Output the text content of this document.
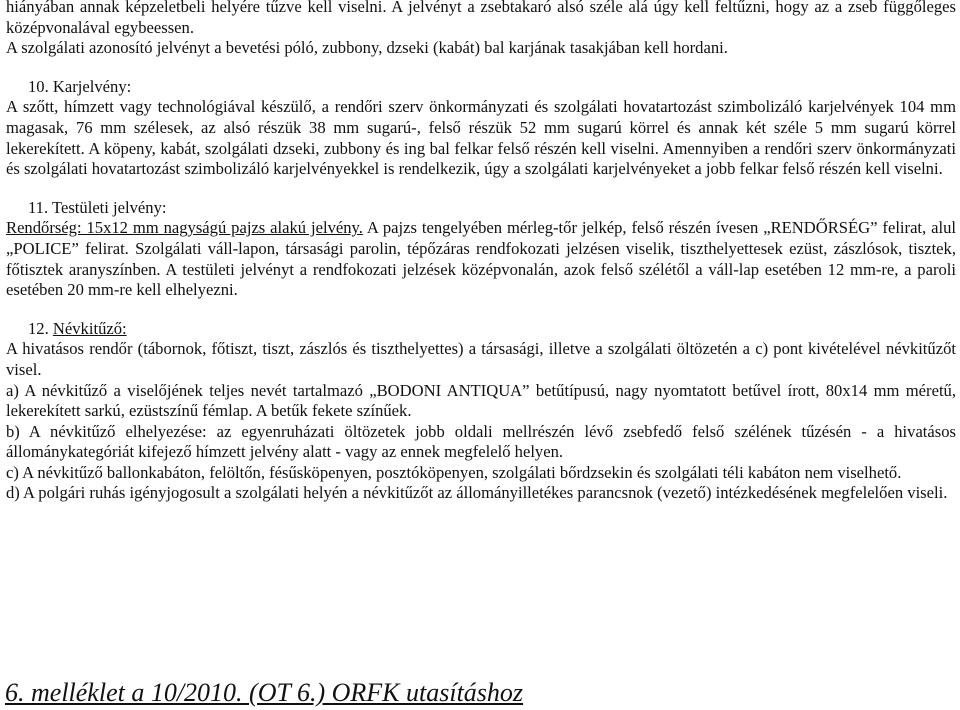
hiányában annak képzeletbeli helyére tűzve kell viselni. A jelvényt a zsebtakaró alsó széle alá úgy kell feltűzni, hogy az a zseb függőleges középvonalával egybeessen.

A szolgálati azonosító jelvényt a bevetési póló, zubbony, dzseki (kabát) bal karjának tasakjában kell hordani.

10. Karjelvény:

A szőtt, hímzett vagy technológiával készülő, a rendőri szerv önkormányzati és szolgálati hovatartozást szimbolizáló karjelvények 104 mm magasak, 76 mm szélesek, az alsó részük 38 mm sugarú-, felső részük 52 mm sugarú körrel és annak két széle 5 mm sugarú körrel lekerekített. A köpeny, kabát, szolgálati dzseki, zubbony és ing bal felkar felső részén kell viselni. Amennyiben a rendőri szerv önkormányzati és szolgálati hovatartozást szimbolizáló karjelvényekkel is rendelkezik, úgy a szolgálati karjelvényeket a jobb felkar felső részén kell viselni.

11. Testületi jelvény:

Rendőrség: 15x12 mm nagyságú pajzs alakú jelvény. A pajzs tengelyében mérleg-tőr jelkép, felső részén ívesen „RENDŐRSÉG” felirat, alul „POLICE” felirat. Szolgálati váll-lapon, társasági parolin, tépőzáras rendfokozati jelzésen viselik, tiszthelyettesek ezüst, zászlósok, tisztek, főtisztek aranyszínben. A testületi jelvényt a rendfokozati jelzések középvonalán, azok felső szélétől a váll-lap esetében 12 mm-re, a paroli esetében 20 mm-re kell elhelyezni.

12. Névkitűző:

A hivatásos rendőr (tábornok, főtiszt, tiszt, zászlós és tiszthelyettes) a társasági, illetve a szolgálati öltözetén a c) pont kivételével névkitűzőt visel.

a) A névkitűző a viselőjének teljes nevét tartalmazó „BODONI ANTIQUA” betűtípusú, nagy nyomtatott betűvel írott, 80x14 mm méretű, lekerekített sarkú, ezüstszínű fémlap. A betűk fekete színűek.

b) A névkitűző elhelyezése: az egyenruházati öltözetek jobb oldali mellrészén lévő zsebfedő felső szélének tűzésén - a hivatásos állománykategóriát kifejező hímzett jelvény alatt - vagy az ennek megfelelő helyen.

c) A névkitűző ballonkabáton, felöltőn, fésűsköpenyen, posztóköpenyen, szolgálati bőrdzsekin és szolgálati téli kabáton nem viselhető.

d) A polgári ruhás igényjogosult a szolgálati helyén a névkitűzőt az állományilletékes parancsnok (vezető) intézkedésének megfelelően viseli.

6. melléklet a 10/2010. (OT 6.) ORFK utasításhoz
